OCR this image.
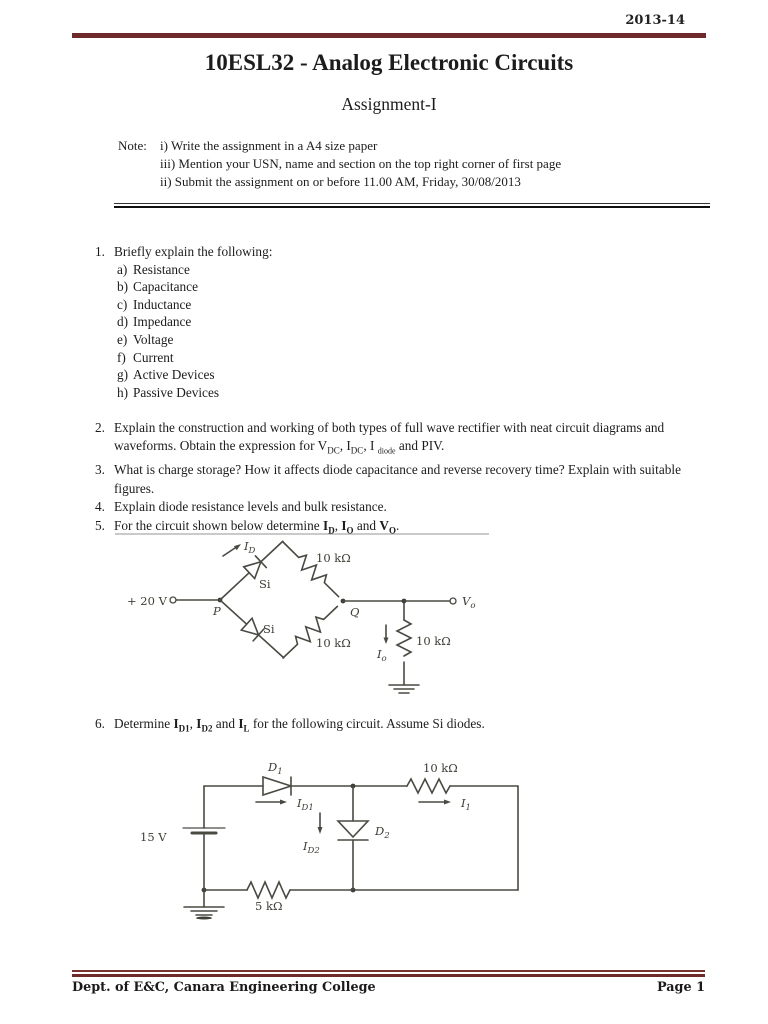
2013-14
10ESL32 - Analog Electronic Circuits
Assignment-I
Note:	i) Write the assignment in a A4 size paper
iii) Mention your USN, name and section on the top right corner of first page
ii) Submit the assignment on or before 11.00 AM, Friday, 30/08/2013
1. Briefly explain the following:
a) Resistance
b) Capacitance
c) Inductance
d) Impedance
e) Voltage
f) Current
g) Active Devices
h) Passive Devices
2. Explain the construction and working of both types of full wave rectifier with neat circuit diagrams and waveforms. Obtain the expression for $V_{DC}$, $I_{DC}$, I $_{diode}$ and PIV.
3. What is charge storage? How it affects diode capacitance and reverse recovery time? Explain with suitable figures.
4. Explain diode resistance levels and bulk resistance.
5. For the circuit shown below determine $I_D$, $I_O$ and $V_O$.
+ 20 V
P	Q
Si
Si
10 kΩ
10 kΩ	10 kΩ
$I_D$
$I_o$
$V_o$
6. Determine $I_{D1}$, $I_{D2}$ and $I_L$ for the following circuit. Assume Si diodes.
15 V
$D_1$	10 kΩ
$I_{D1}$	$I_1$
$D_2$
$I_{D2}$
5 kΩ
Dept. of E&C, Canara Engineering College	Page 1
